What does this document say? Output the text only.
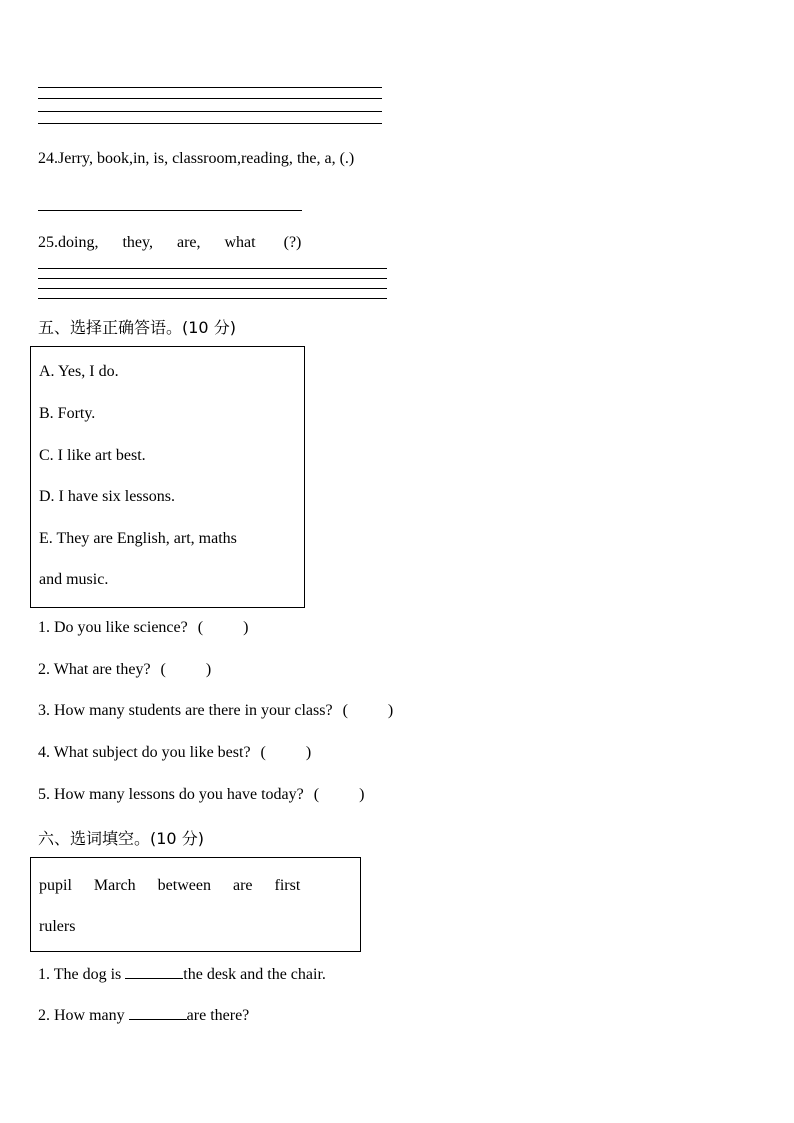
24.Jerry, book,in, is, classroom,reading, the, a, (.)
25.doing, they, are, what (?)
五、选择正确答语。(10 分)
A. Yes, I do.
B. Forty.
C. I like art best.
D. I have six lessons.
E. They are English, art, maths
and music.
1. Do you like science? (          )
2. What are they? (          )
3. How many students are there in your class? (          )
4. What subject do you like best? (          )
5. How many lessons do you have today? (          )
六、选词填空。(10 分)
pupil March between are first
rulers
1. The dog is	the desk and the chair.
2. How many	are there?
